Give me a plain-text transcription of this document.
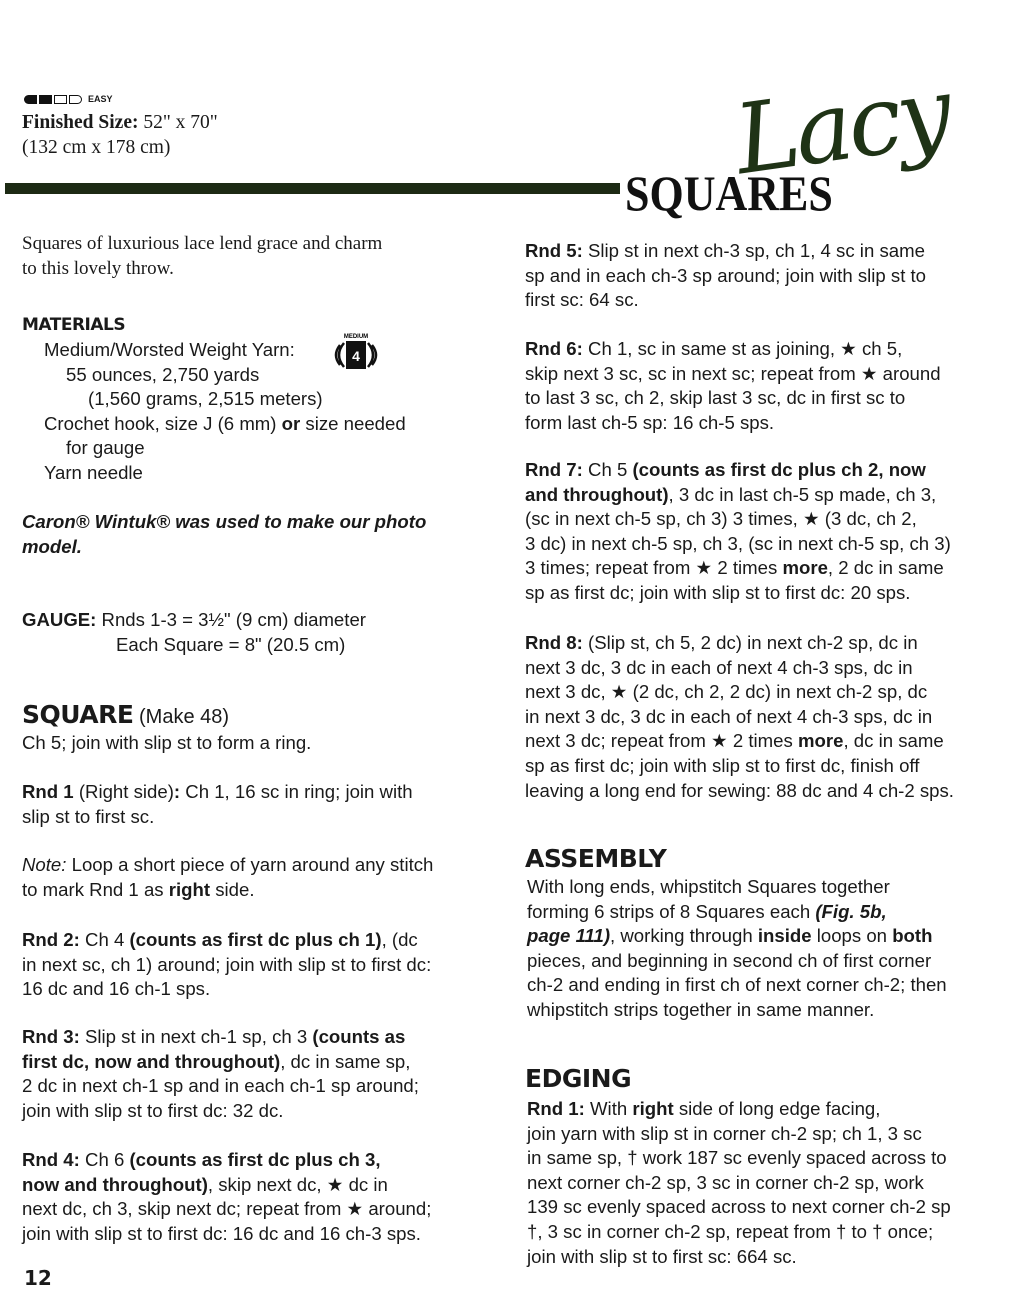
EASY
Finished Size: 52" x 70"
(132 cm x 178 cm)	Lacy
SQUARES
Squares of luxurious lace lend grace and charm
to this lovely throw.
MATERIALS
Medium/Worsted Weight Yarn:
55 ounces, 2,750 yards
(1,560 grams, 2,515 meters)
Crochet hook, size J (6 mm) or size needed
for gauge
Yarn needle
MEDIUM
4
Caron® Wintuk® was used to make our photo
model.
GAUGE: Rnds 1-3 = 3½" (9 cm) diameter
Each Square = 8" (20.5 cm)
SQUARE (Make 48)
Ch 5; join with slip st to form a ring.
Rnd 1 (Right side): Ch 1, 16 sc in ring; join with
slip st to first sc.
Note: Loop a short piece of yarn around any stitch
to mark Rnd 1 as right side.
Rnd 2: Ch 4 (counts as first dc plus ch 1), (dc
in next sc, ch 1) around; join with slip st to first dc:
16 dc and 16 ch-1 sps.
Rnd 3: Slip st in next ch-1 sp, ch 3 (counts as
first dc, now and throughout), dc in same sp,
2 dc in next ch-1 sp and in each ch-1 sp around;
join with slip st to first dc: 32 dc.
Rnd 4: Ch 6 (counts as first dc plus ch 3,
now and throughout), skip next dc, ★ dc in
next dc, ch 3, skip next dc; repeat from ★ around;
join with slip st to first dc: 16 dc and 16 ch-3 sps.
Rnd 5: Slip st in next ch-3 sp, ch 1, 4 sc in same
sp and in each ch-3 sp around; join with slip st to
first sc: 64 sc.
Rnd 6: Ch 1, sc in same st as joining, ★ ch 5,
skip next 3 sc, sc in next sc; repeat from ★ around
to last 3 sc, ch 2, skip last 3 sc, dc in first sc to
form last ch-5 sp: 16 ch-5 sps.
Rnd 7: Ch 5 (counts as first dc plus ch 2, now
and throughout), 3 dc in last ch-5 sp made, ch 3,
(sc in next ch-5 sp, ch 3) 3 times, ★ (3 dc, ch 2,
3 dc) in next ch-5 sp, ch 3, (sc in next ch-5 sp, ch 3)
3 times; repeat from ★ 2 times more, 2 dc in same
sp as first dc; join with slip st to first dc: 20 sps.
Rnd 8: (Slip st, ch 5, 2 dc) in next ch-2 sp, dc in
next 3 dc, 3 dc in each of next 4 ch-3 sps, dc in
next 3 dc, ★ (2 dc, ch 2, 2 dc) in next ch-2 sp, dc
in next 3 dc, 3 dc in each of next 4 ch-3 sps, dc in
next 3 dc; repeat from ★ 2 times more, dc in same
sp as first dc; join with slip st to first dc, finish off
leaving a long end for sewing: 88 dc and 4 ch-2 sps.
ASSEMBLY
With long ends, whipstitch Squares together
forming 6 strips of 8 Squares each (Fig. 5b,
page 111), working through inside loops on both
pieces, and beginning in second ch of first corner
ch-2 and ending in first ch of next corner ch-2; then
whipstitch strips together in same manner.
EDGING
Rnd 1: With right side of long edge facing,
join yarn with slip st in corner ch-2 sp; ch 1, 3 sc
in same sp, † work 187 sc evenly spaced across to
next corner ch-2 sp, 3 sc in corner ch-2 sp, work
139 sc evenly spaced across to next corner ch-2 sp
†, 3 sc in corner ch-2 sp, repeat from † to † once;
join with slip st to first sc: 664 sc.
12
